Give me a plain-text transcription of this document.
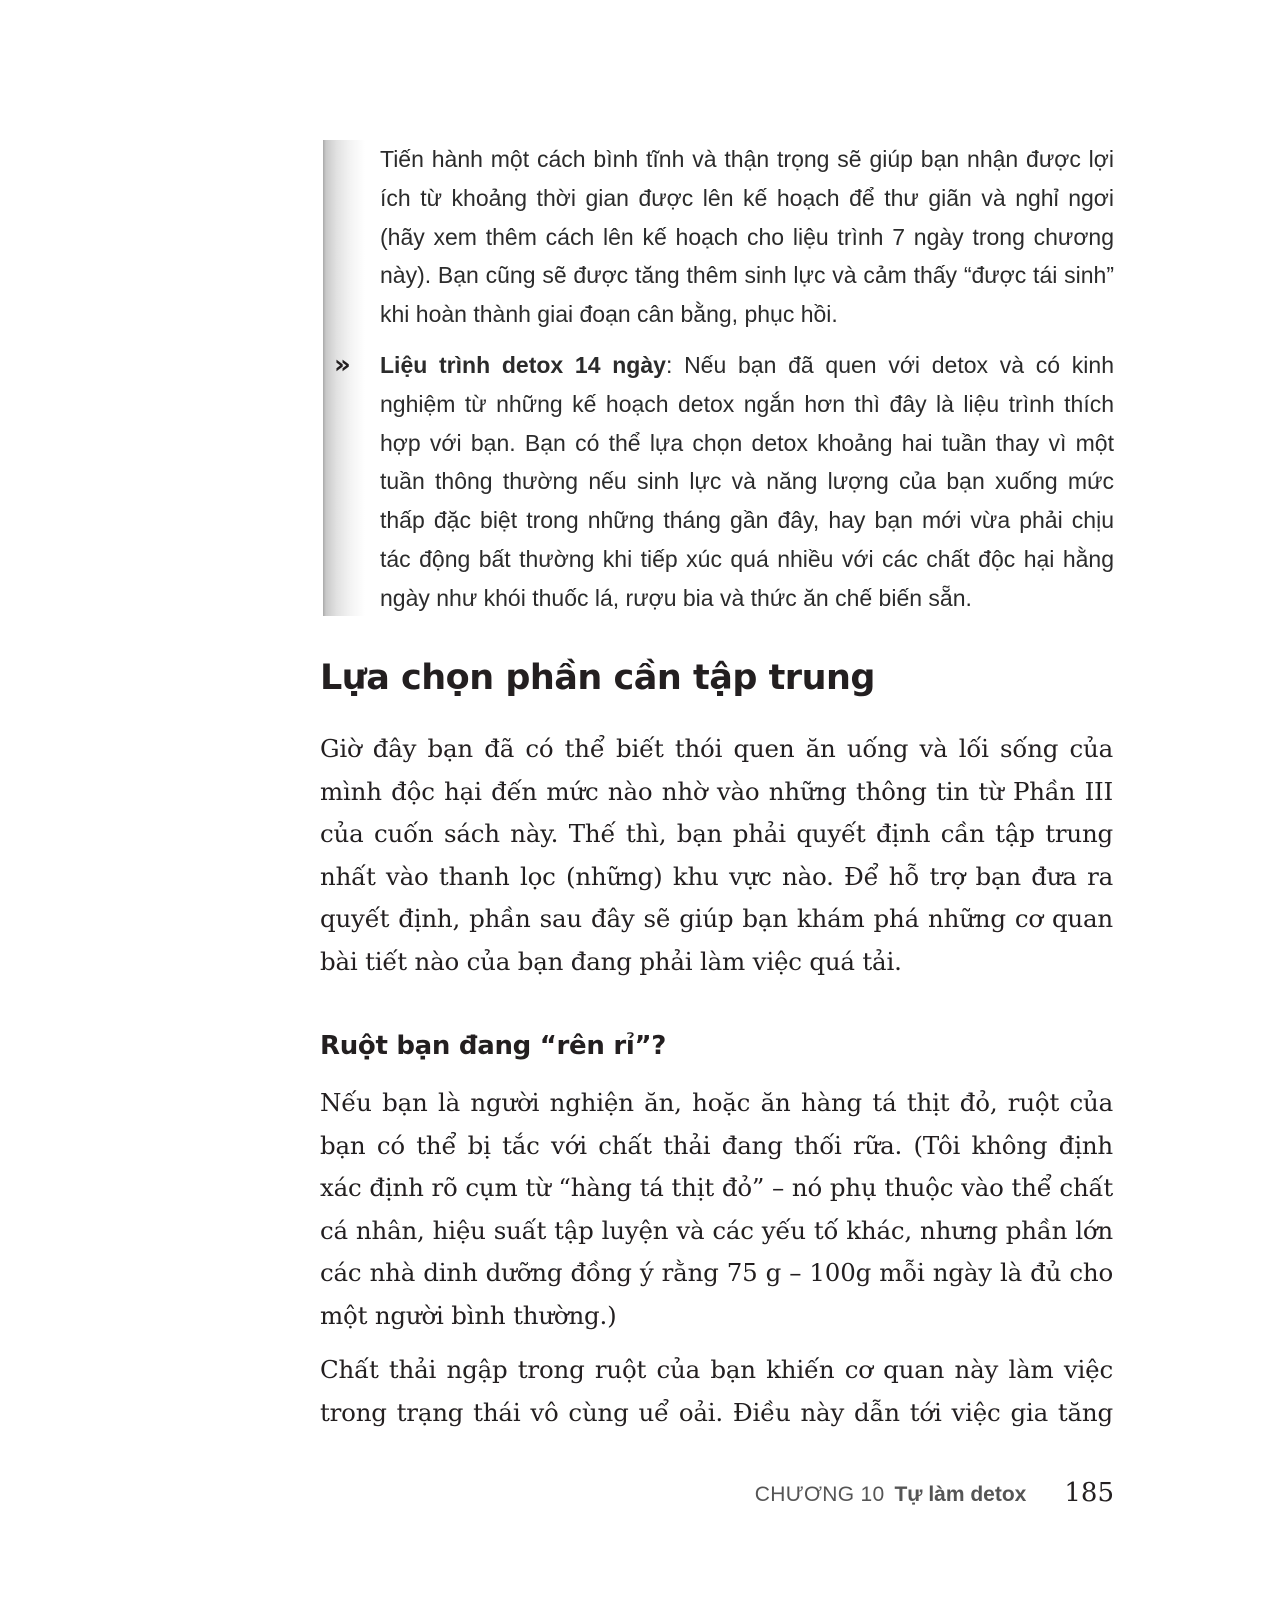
Tiến hành một cách bình tĩnh và thận trọng sẽ giúp bạn nhận được lợi ích từ khoảng thời gian được lên kế hoạch để thư giãn và nghỉ ngơi (hãy xem thêm cách lên kế hoạch cho liệu trình 7 ngày trong chương này). Bạn cũng sẽ được tăng thêm sinh lực và cảm thấy “được tái sinh” khi hoàn thành giai đoạn cân bằng, phục hồi.

» Liệu trình detox 14 ngày: Nếu bạn đã quen với detox và có kinh nghiệm từ những kế hoạch detox ngắn hơn thì đây là liệu trình thích hợp với bạn. Bạn có thể lựa chọn detox khoảng hai tuần thay vì một tuần thông thường nếu sinh lực và năng lượng của bạn xuống mức thấp đặc biệt trong những tháng gần đây, hay bạn mới vừa phải chịu tác động bất thường khi tiếp xúc quá nhiều với các chất độc hại hằng ngày như khói thuốc lá, rượu bia và thức ăn chế biến sẵn.

Lựa chọn phần cần tập trung

Giờ đây bạn đã có thể biết thói quen ăn uống và lối sống của mình độc hại đến mức nào nhờ vào những thông tin từ Phần III của cuốn sách này. Thế thì, bạn phải quyết định cần tập trung nhất vào thanh lọc (những) khu vực nào. Để hỗ trợ bạn đưa ra quyết định, phần sau đây sẽ giúp bạn khám phá những cơ quan bài tiết nào của bạn đang phải làm việc quá tải.

Ruột bạn đang “rên rỉ”?

Nếu bạn là người nghiện ăn, hoặc ăn hàng tá thịt đỏ, ruột của bạn có thể bị tắc với chất thải đang thối rữa. (Tôi không định xác định rõ cụm từ “hàng tá thịt đỏ” – nó phụ thuộc vào thể chất cá nhân, hiệu suất tập luyện và các yếu tố khác, nhưng phần lớn các nhà dinh dưỡng đồng ý rằng 75 g – 100g mỗi ngày là đủ cho một người bình thường.)

Chất thải ngập trong ruột của bạn khiến cơ quan này làm việc trong trạng thái vô cùng uể oải. Điều này dẫn tới việc gia tăng

CHƯƠNG 10 Tự làm detox 185
